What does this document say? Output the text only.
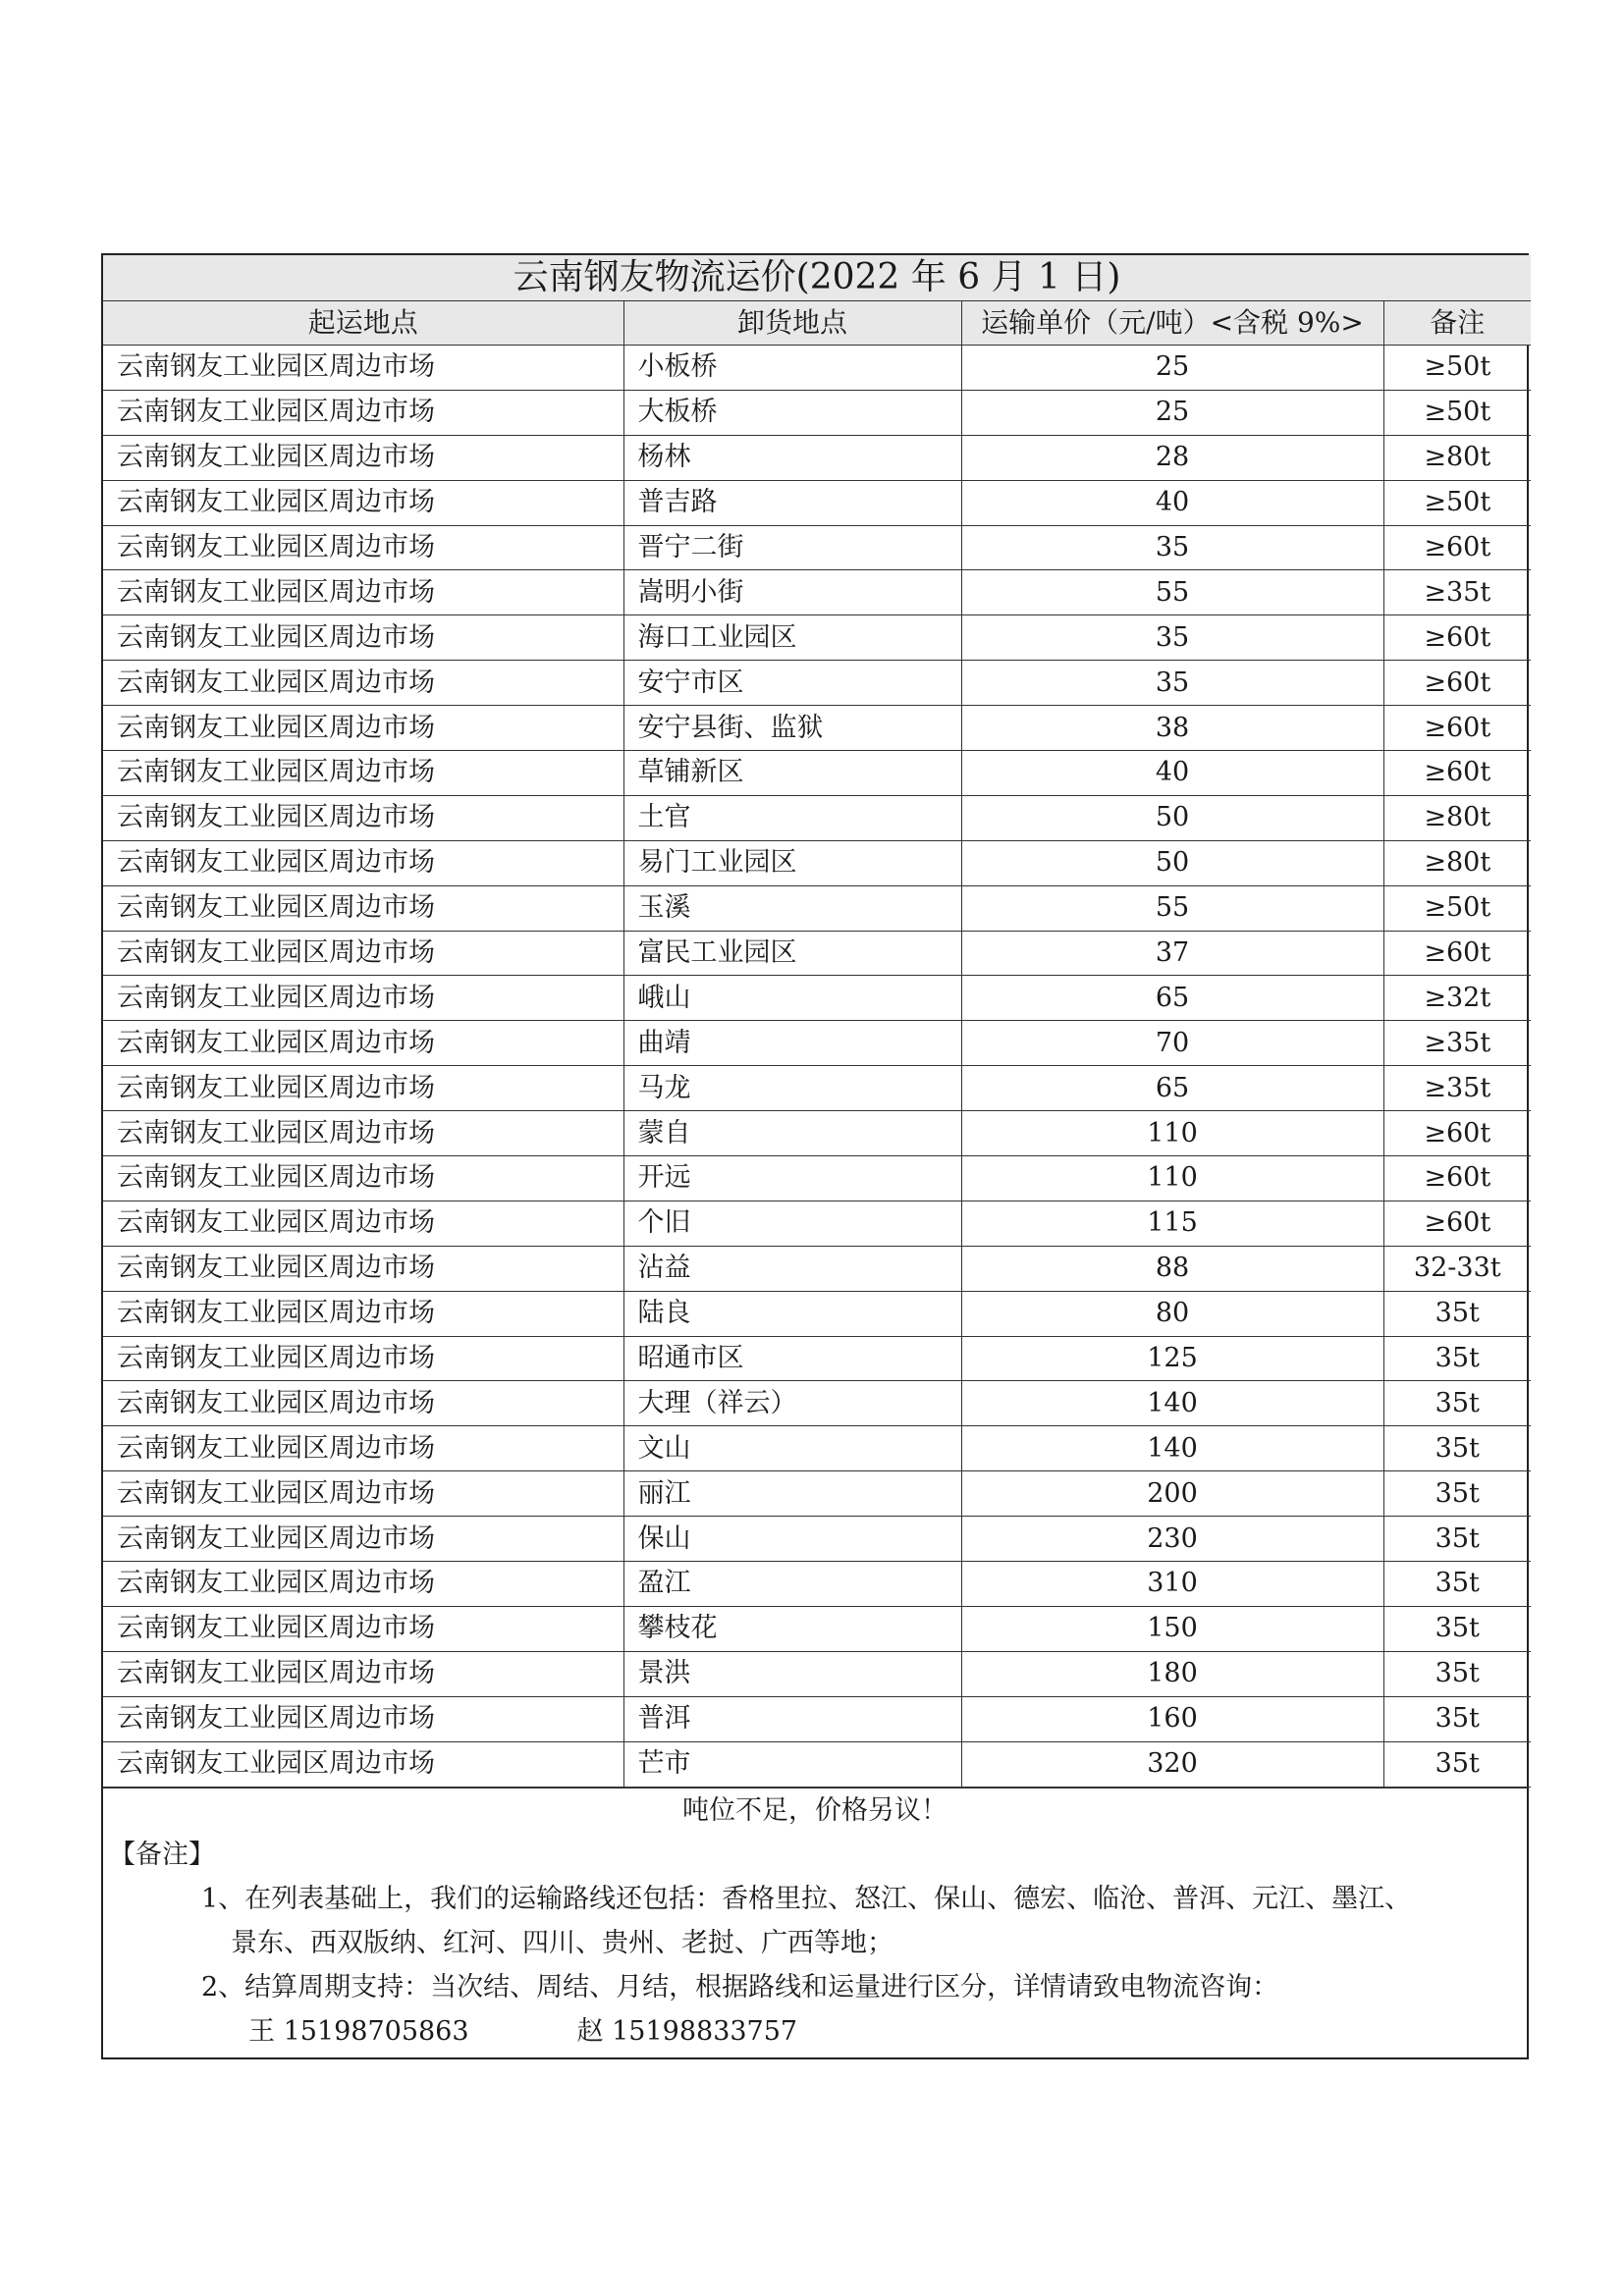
云南钢友物流运价(2022 年 6 月 1 日)			
起运地点	卸货地点	运输单价（元/吨）<含税 9%>	备注
云南钢友工业园区周边市场	小板桥	25	≥50t
云南钢友工业园区周边市场	大板桥	25	≥50t
云南钢友工业园区周边市场	杨林	28	≥80t
云南钢友工业园区周边市场	普吉路	40	≥50t
云南钢友工业园区周边市场	晋宁二街	35	≥60t
云南钢友工业园区周边市场	嵩明小街	55	≥35t
云南钢友工业园区周边市场	海口工业园区	35	≥60t
云南钢友工业园区周边市场	安宁市区	35	≥60t
云南钢友工业园区周边市场	安宁县街、监狱	38	≥60t
云南钢友工业园区周边市场	草铺新区	40	≥60t
云南钢友工业园区周边市场	土官	50	≥80t
云南钢友工业园区周边市场	易门工业园区	50	≥80t
云南钢友工业园区周边市场	玉溪	55	≥50t
云南钢友工业园区周边市场	富民工业园区	37	≥60t
云南钢友工业园区周边市场	峨山	65	≥32t
云南钢友工业园区周边市场	曲靖	70	≥35t
云南钢友工业园区周边市场	马龙	65	≥35t
云南钢友工业园区周边市场	蒙自	110	≥60t
云南钢友工业园区周边市场	开远	110	≥60t
云南钢友工业园区周边市场	个旧	115	≥60t
云南钢友工业园区周边市场	沾益	88	32-33t
云南钢友工业园区周边市场	陆良	80	35t
云南钢友工业园区周边市场	昭通市区	125	35t
云南钢友工业园区周边市场	大理（祥云）	140	35t
云南钢友工业园区周边市场	文山	140	35t
云南钢友工业园区周边市场	丽江	200	35t
云南钢友工业园区周边市场	保山	230	35t
云南钢友工业园区周边市场	盈江	310	35t
云南钢友工业园区周边市场	攀枝花	150	35t
云南钢友工业园区周边市场	景洪	180	35t
云南钢友工业园区周边市场	普洱	160	35t
云南钢友工业园区周边市场	芒市	320	35t
吨位不足，价格另议！
【备注】
1、在列表基础上，我们的运输路线还包括：香格里拉、怒江、保山、德宏、临沧、普洱、元江、墨江、
景东、西双版纳、红河、四川、贵州、老挝、广西等地；
2、结算周期支持：当次结、周结、月结，根据路线和运量进行区分，详情请致电物流咨询：
王 15198705863	赵 15198833757
